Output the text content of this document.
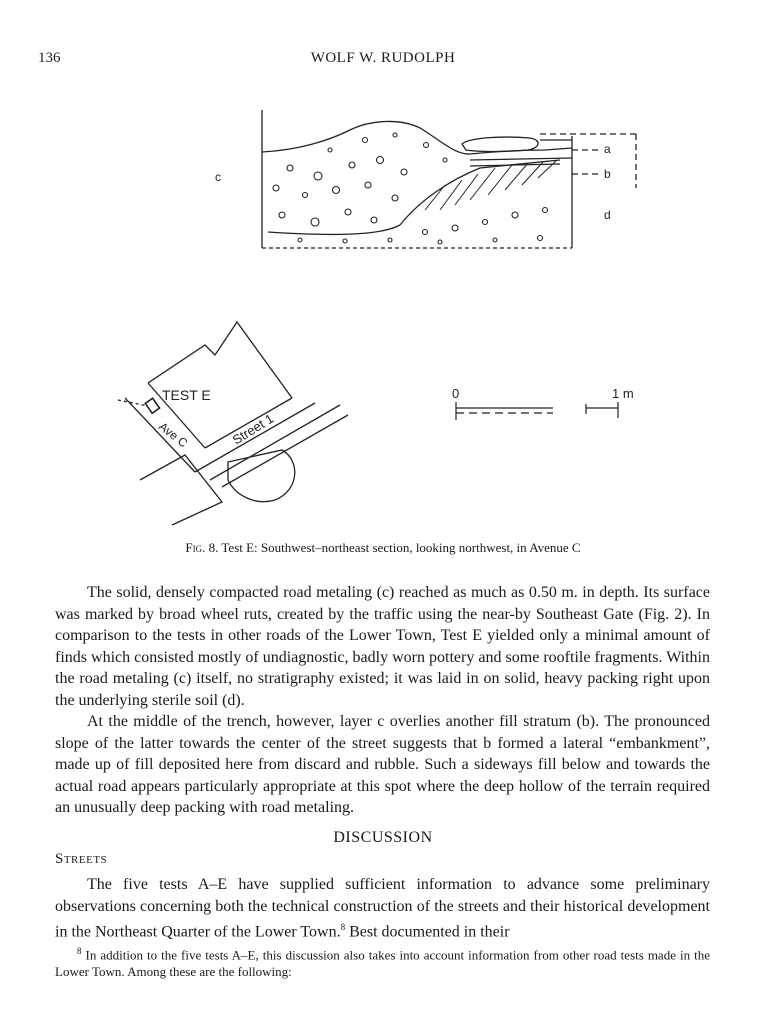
136	WOLF W. RUDOLPH
c
a
b
d
TEST E
Ave C	Street 1
0	1 m
Fig. 8. Test E: Southwest–northeast section, looking northwest, in Avenue C

The solid, densely compacted road metaling (c) reached as much as 0.50 m. in depth. Its surface was marked by broad wheel ruts, created by the traffic using the near-by Southeast Gate (Fig. 2). In comparison to the tests in other roads of the Lower Town, Test E yielded only a minimal amount of finds which consisted mostly of undiagnostic, badly worn pottery and some rooftile fragments. Within the road metaling (c) itself, no stratigraphy existed; it was laid in on solid, heavy packing right upon the underlying sterile soil (d).

At the middle of the trench, however, layer c overlies another fill stratum (b). The pronounced slope of the latter towards the center of the street suggests that b formed a lateral “embankment”, made up of fill deposited here from discard and rubble. Such a sideways fill below and towards the actual road appears particularly appropriate at this spot where the deep hollow of the terrain required an unusually deep packing with road metaling.

DISCUSSION
Streets

The five tests A–E have supplied sufficient information to advance some preliminary observations concerning both the technical construction of the streets and their historical development in the Northeast Quarter of the Lower Town.$^8$ Best documented in their

$^8$ In addition to the five tests A–E, this discussion also takes into account information from other road tests made in the Lower Town. Among these are the following:
